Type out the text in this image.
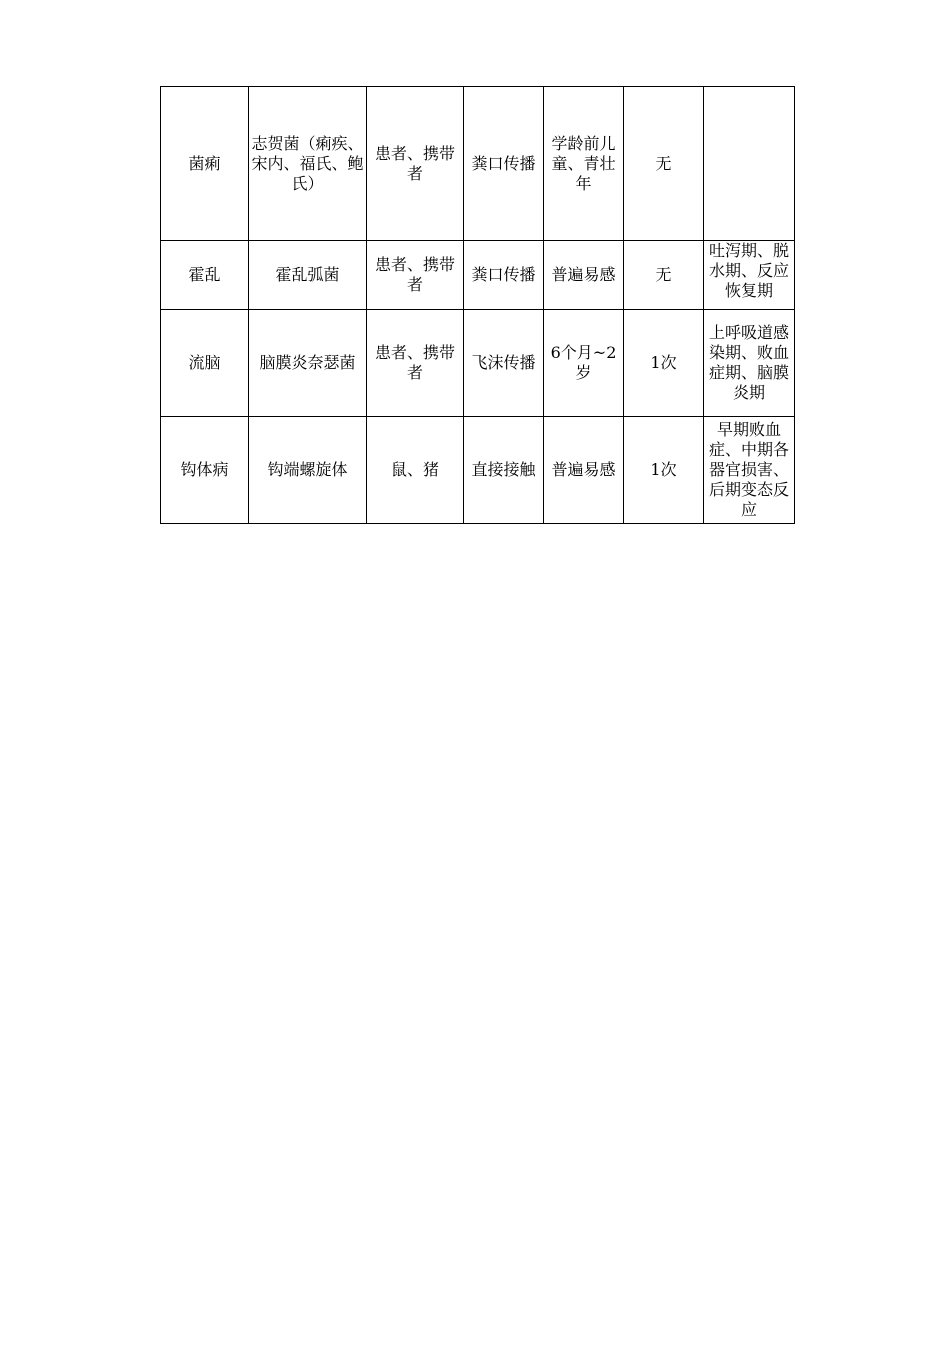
菌痢	志贺菌（痢疾、宋内、福氏、鲍氏）	患者、携带者	粪口传播	学龄前儿童、青壮年	无	
霍乱	霍乱弧菌	患者、携带者	粪口传播	普遍易感	无	吐泻期、脱水期、反应恢复期
流脑	脑膜炎奈瑟菌	患者、携带者	飞沫传播	6个月~2岁	1次	上呼吸道感染期、败血症期、脑膜炎期
钩体病	钩端螺旋体	鼠、猪	直接接触	普遍易感	1次	早期败血症、中期各器官损害、后期变态反应
